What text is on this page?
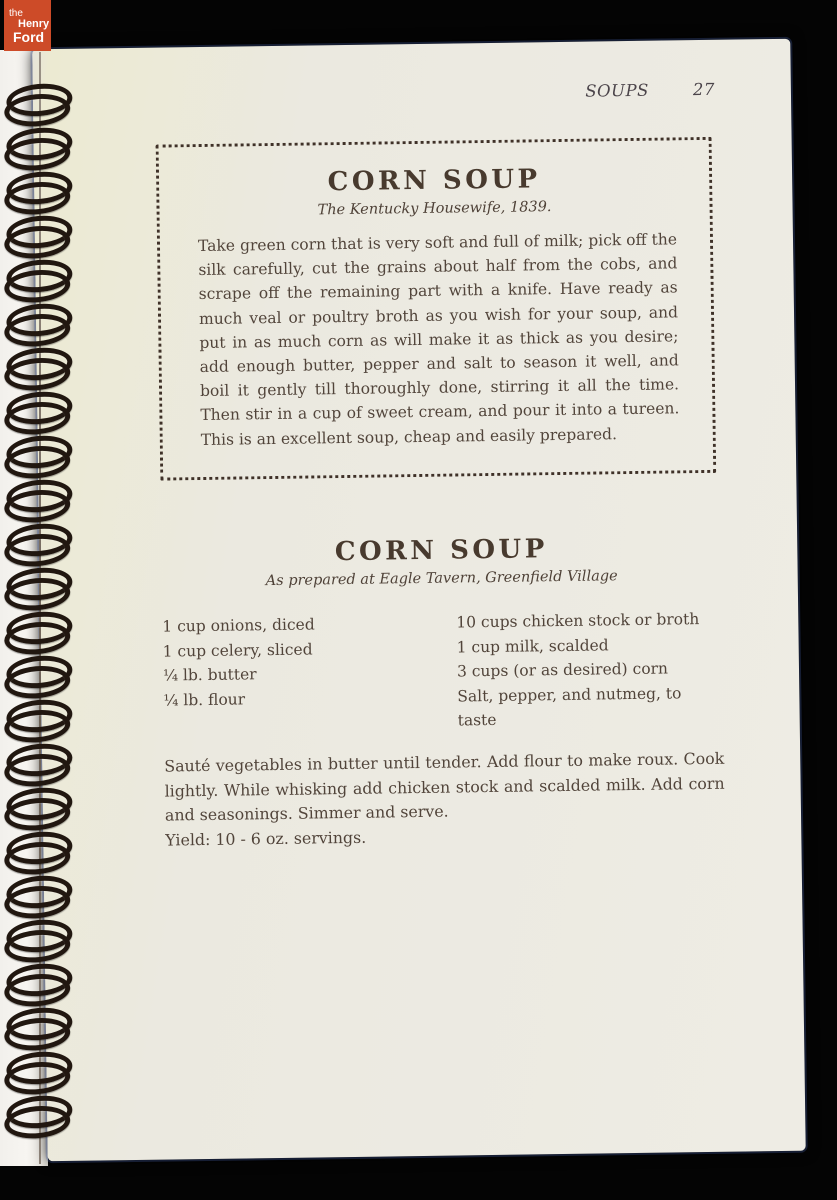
SOUPS	27
CORN SOUP
The Kentucky Housewife, 1839.

Take green corn that is very soft and full of milk; pick off the silk carefully, cut the grains about half from the cobs, and scrape off the remaining part with a knife. Have ready as much veal or poultry broth as you wish for your soup, and put in as much corn as will make it as thick as you desire; add enough butter, pepper and salt to season it well, and boil it gently till thoroughly done, stirring it all the time. Then stir in a cup of sweet cream, and pour it into a tureen. This is an excellent soup, cheap and easily prepared.

CORN SOUP
As prepared at Eagle Tavern, Greenfield Village
1 cup onions, diced
1 cup celery, sliced
¼ lb. butter
¼ lb. flour
10 cups chicken stock or broth
1 cup milk, scalded
3 cups (or as desired) corn
Salt, pepper, and nutmeg, to taste

Sauté vegetables in butter until tender. Add flour to make roux. Cook lightly. While whisking add chicken stock and scalded milk. Add corn and seasonings. Simmer and serve.

Yield: 10 - 6 oz. servings.

the
Henry
Ford
